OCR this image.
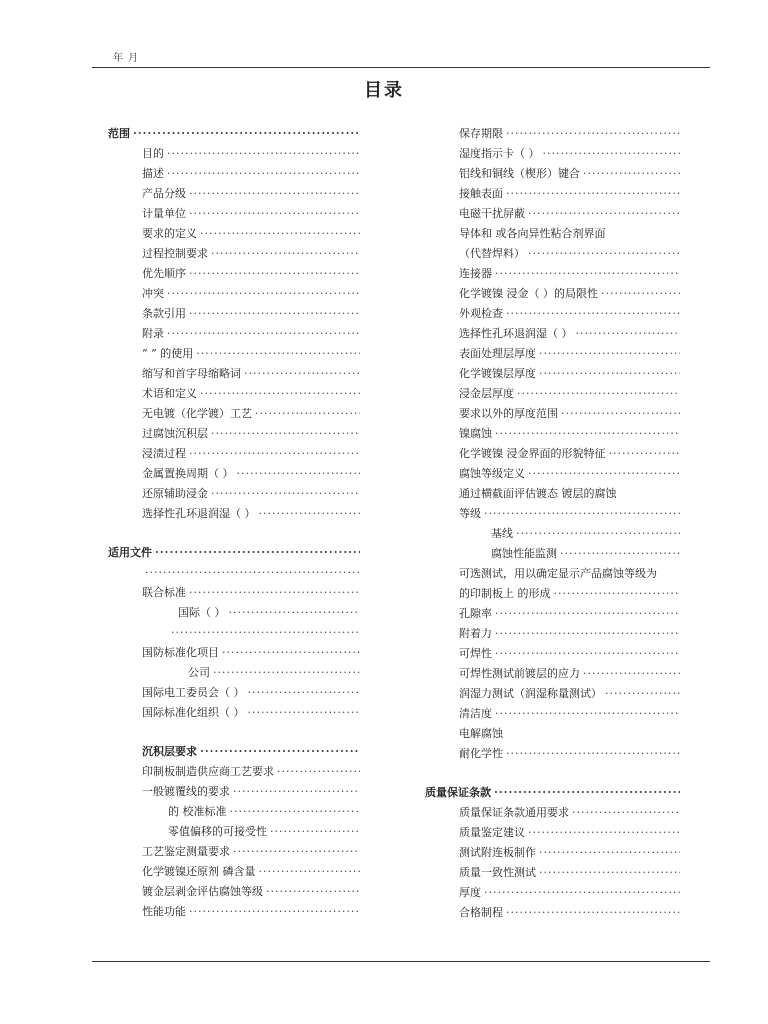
年 月
目录
范围
·····
目的
·····
描述
·····
产品分级
·····
计量单位
·····
要求的定义
·····
过程控制要求
·····
优先顺序
·····
冲突
·····
条款引用
·····
附录
·····
“ ” 的使用
·····
缩写和首字母缩略词
·····
术语和定义
·····
无电镀（化学镀）工艺
·····
过腐蚀沉积层
·····
浸渍过程
·····
金属置换周期（ ）
·····
还原辅助浸金
·····
选择性孔环退润湿（ ）
·····
适用文件
·····
·····
联合标准
·····
国际（ ）
·····
·····
国防标准化项目
·····
公司
·····
国际电工委员会（ ）
·····
国际标准化组织（ ）
·····
沉积层要求
·····
印制板制造供应商工艺要求
·····
一般镀覆线的要求
·····
的 校准标准
·····
零值偏移的可接受性
·····
工艺鉴定测量要求
·····
化学镀镍还原剂 磷含量
·····
镀金层剥金评估腐蚀等级
·····
性能功能
·····
保存期限
·····
湿度指示卡（ ）
·····
铝线和铜线（楔形）键合
·····
接触表面
·····
电磁干扰屏蔽
·····
导体和 或各向异性粘合剂界面
（代替焊料）
·····
连接器
·····
化学镀镍 浸金（ ）的局限性
·····
外观检查
·····
选择性孔环退润湿（ ）
·····
表面处理层厚度
·····
化学镀镍层厚度
·····
浸金层厚度
·····
要求以外的厚度范围
·····
镍腐蚀
·····
化学镀镍 浸金界面的形貌特征
·····
腐蚀等级定义
·····
通过横截面评估镀态 镀层的腐蚀
等级
·····
基线
·····
腐蚀性能监测
·····
可选测试，用以确定显示产品腐蚀等级为
的印制板上 的形成
·····
孔隙率
·····
附着力
·····
可焊性
·····
可焊性测试前镀层的应力
·····
润湿力测试（润湿称量测试）
·····
清洁度
·····
电解腐蚀
耐化学性
·····
质量保证条款
·····
质量保证条款通用要求
·····
质量鉴定建议
·····
测试附连板制作
·····
质量一致性测试
·····
厚度
·····
合格制程
·····
